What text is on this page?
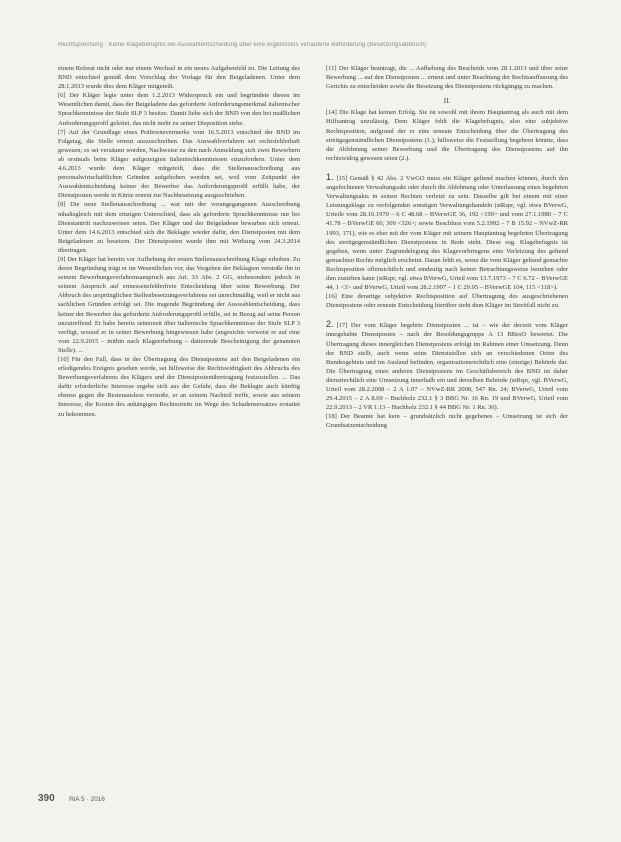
Rechtsprechung · Keine Klagebefugnis bei Auswahlentscheidung über eine ergebnislos verlaufene Beförderung (Besetzungsabbruch)

einem Referat nicht oder nur einem Wechsel in ein neues Aufgabenfeld ist. Die Leitung des BND entschied gemäß dem Vorschlag der Vorlage für den Beigeladenen. Unter dem 28.1.2013 wurde dies dem Kläger mitgeteilt.

[6] Der Kläger legte unter dem 1.2.2013 Widerspruch ein und begründete diesen im Wesentlichen damit, dass der Beigeladene das geforderte Anforderungsmerkmal italienischer Sprachkenntnisse der Stufe SLP 3 besitze. Damit liebe sich der BND von den bei maßlichen Anforderungsprofil geleitet, das nicht mehr zu seiner Disposition stehe.

[7] Auf der Grundlage eines Präferenzvermerks vom 16.5.2013 entschied der BND im Folgetag, die Stelle erneut auszuschreiben. Das Auswahlverfahren sei rechtsfehlerhaft gewesen; es sei versäumt worden, Nachweise zu den nach Anmeldung sich zwei Bewerbern ab erstmals beim Kläger aufgezeigten italienischkenntnissen einzufordern. Unter dem 4.6.2013 wurde dem Kläger mitgeteilt, dass die Stellenausschreibung aus personalwirtschaftlichen Gründen aufgehoben worden sei, weil vom Zeitpunkt der Auswahlentscheidung keiner der Bewerber das Anforderungsprofil erfüllt habe, der Dienstposten werde in Kürze erneut zur Nachbesetzung ausgeschrieben.

[8] Die neue Stellenausschreibung ... war mit der vorangegangenen Ausschreibung inhaltsgleich mit dem einzigen Unterschied, dass als geforderte Sprachkenntnisse nur bei Dienstantritt nachzuweisen seien. Der Kläger und der Beigeladene bewarben sich erneut. Unter dem 14.6.2013 entschied sich die Beklagte wieder dafür, den Dienstposten mit dem Beigeladenen zu besetzen. Der Dienstposten wurde ihm mit Wirkung vom 24.3.2014 übertragen.

[9] Der Kläger hat bereits vor Aufhebung der ersten Stellenausschreibung Klage erhoben. Zu deren Begründung trägt er im Wesentlichen vor, das Vergeben der Beklagten verstoße ihn in seinem Bewerbungsverfahrensanspruch aus Art. 33 Abs. 2 GG, insbesondere jedoch in seinem Anspruch auf ermessensfehlerfreie Entscheidung über seine Bewerbung. Der Abbruch des ursprünglichen Stellenbesetzungsverfahrens sei unrechtmäßig, weil er nicht aus sachlichen Gründen erfolgt sei. Die tragende Begründung der Auswahlentscheidung, dass keiner der Bewerber das geforderte Anforderungsprofil erfülle, sei in Bezug auf seine Person unzutreffend. Er habe bereits seinerzeit über italienische Sprachkenntnisse der Stufe SLP 3 verfügt, worauf er in seiner Bewerbung hingewiesen habe (angesichts verweist er auf eine vom 22.9.2015 – mithin nach Klageerhebung – datierende Bescheinigung der genannten Stelle). ...

[10] Für den Fall, dass in der Übertragung des Dienstpostens auf den Beigeladenen ein erledigendes Ereignis gesehen werde, sei hilfsweise die Rechtswidrigkeit des Abbruchs des Bewerbungsverfahrens des Klägers und der Dienstpostenübertragung festzustellen. ... Das dafür erforderliche Interesse ergebe sich aus der Gefahr, dass die Beklagte auch künftig ebenso gegen die Bestenauslese verstoße, er an seinem Nachteil treffe, sowie aus seinem Interesse, die Kosten des anhängigen Rechtsstreits im Wege des Schadensersatzes erstattet zu bekommen.

[11] Der Kläger beantragt, die ... Aufhebung des Bescheids vom 28.1.2013 und über seine Bewerbung ... auf den Dienstposten ... erneut und unter Beachtung der Rechtsauffassung des Gerichts zu entscheiden sowie die Besetzung des Dienstpostens rückgängig zu machen.

II.

[14] Die Klage hat keinen Erfolg. Sie ist sowohl mit ihrem Hauptantrag als auch mit dem Hilfsantrag unzulässig. Dem Kläger fehlt die Klagebefugnis, also eine subjektive Rechtsposition, aufgrund der er eine erneute Entscheidung über die Übertragung des streitgegenständlichen Dienstpostens (1.), hilfsweise die Feststellung begehren könnte, dass die Ablehnung seiner Bewerbung und die Übertragung des Dienstpostens auf ihn rechtswidrig gewesen seien (2.).

1. [15] Gemäß § 42 Abs. 2 VwGO muss ein Kläger geltend machen können, durch den angefochtenen Verwaltungsakt oder durch die Ablehnung oder Unterlassung eines begehrten Verwaltungsakts in seinen Rechten verletzt zu sein. Dasselbe gilt bei einem mit einer Leistungsklage zu verfolgenden sonstigen Verwaltungshandeln (stRspr, vgl. etwa BVerwG, Urteile vom 28.10.1970 – 6 C 48.68 – BVerwGE 36, 192 <199> und vom 27.1.1980 – 7 C 41.78 – BVerwGE 60, 309 <326>; sowie Beschluss vom 5.2.1992 – 7 B 15.92 – NVwZ-RR 1993, 171), wie es eher mit der vom Kläger mit seinem Hauptantrag begehrten Übertragung des streitgegenständlichen Dienstpostens in Rede steht. Diese sog. Klagebefugnis ist gegeben, wenn unter Zugrundelegung des Klagevorbringens eine Verletzung des geltend gemachten Rechts möglich erscheint. Daran fehlt es, wenn die vom Kläger geltend gemachte Rechtsposition offensichtlich und eindeutig nach keiner Betrachtungsweise bestehen oder ihm zustehen kann (stRspr, vgl. etwa BVerwG, Urteil vom 13.7.1973 – 7 C 6.72 – BVerwGE 44, 1 <3> und BVerwG, Urteil vom 28.2.1997 – 1 C 29.95 – BVerwGE 104, 115 <118>).

[16] Eine derartige subjektive Rechtsposition auf Übertragung des ausgeschriebenen Dienstpostens oder erneute Entscheidung hierüber steht dem Kläger im Streitfall nicht zu.

2. [17] Der vom Kläger begehrte Dienstposten ... ist – wie der derzeit vom Kläger innegehabte Dienstposten – nach der Besoldungsgruppe A 13 BBesO bewertet. Die Übertragung dieses innergleichen Dienstpostens erfolgt im Rahmen einer Umsetzung. Denn der BND stellt, auch wenn seine Dienststellen sich an verschiedenen Orten des Bundesgebiets und im Ausland befinden, organisationsrechtlich eine (einzige) Behörde dar. Die Übertragung eines anderen Dienstpostens im Geschäftsbereich des BND ist daher dienstrechtlich eine Umsetzung innerhalb ein und derselben Behörde (stRspr, vgl. BVerwG, Urteil vom 28.2.2008 – 2 A 1.07 – NVwZ-RR 2008, 547 Rn. 24; BVerwG, Urteil vom 29.4.2015 – 2 A 8.09 – Buchholz 232.1 § 3 BBG Nr. 16 Rn. 19 und BVerwG, Urteil vom 22.9.2013 – 2 VR 1.13 – Buchholz 232.1 § 44 BBG Nr. 1 Rn. 30).

[18] Der Beamte hat kein – grundsätzlich nicht gegebenes – Umsetzung ist sich der Grundsatzentscheidung

390 RiA 5 · 2016
